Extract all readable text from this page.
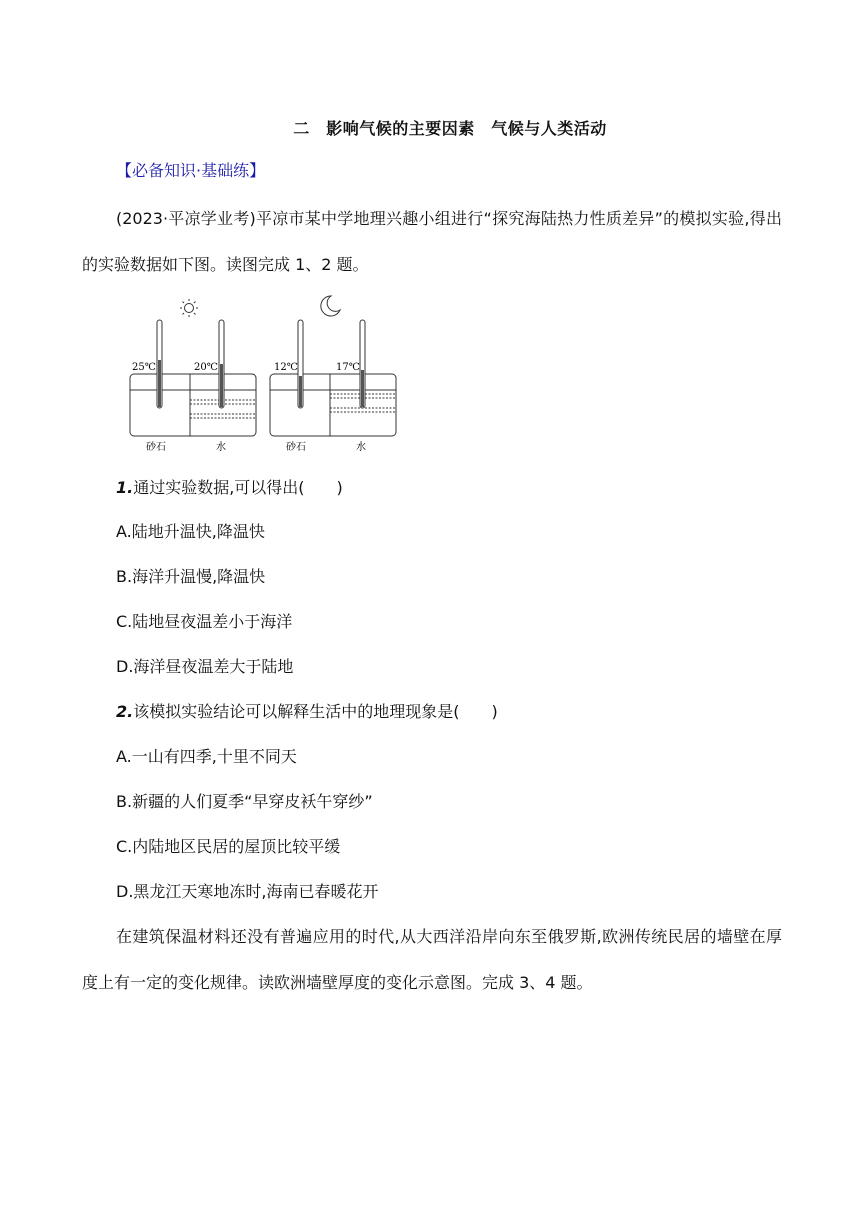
二　影响气候的主要因素　气候与人类活动
【必备知识·基础练】
(2023·平凉学业考)平凉市某中学地理兴趣小组进行“探究海陆热力性质差异”的模拟实验,得出的实验数据如下图。读图完成 1、2 题。
25℃	20℃
砂石	水
12℃	17℃
砂石	水
1.通过实验数据,可以得出(　　)
A.陆地升温快,降温快
B.海洋升温慢,降温快
C.陆地昼夜温差小于海洋
D.海洋昼夜温差大于陆地
2.该模拟实验结论可以解释生活中的地理现象是(　　)
A.一山有四季,十里不同天
B.新疆的人们夏季“早穿皮袄午穿纱”
C.内陆地区民居的屋顶比较平缓
D.黑龙江天寒地冻时,海南已春暖花开
在建筑保温材料还没有普遍应用的时代,从大西洋沿岸向东至俄罗斯,欧洲传统民居的墙壁在厚度上有一定的变化规律。读欧洲墙壁厚度的变化示意图。完成 3、4 题。
